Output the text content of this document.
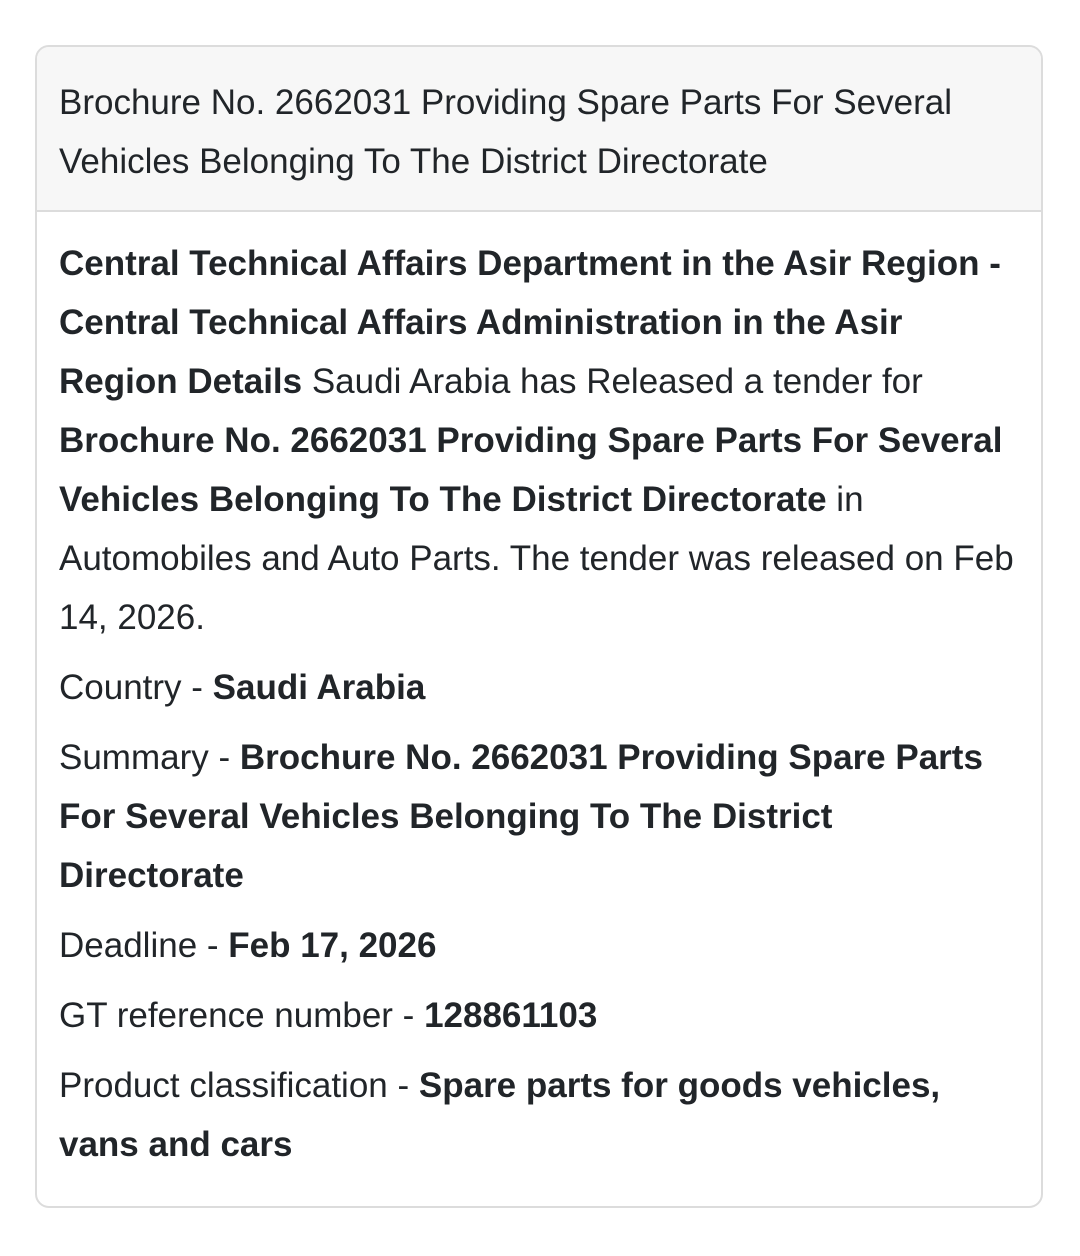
Brochure No. 2662031 Providing Spare Parts For Several Vehicles Belonging To The District Directorate

Central Technical Affairs Department in the Asir Region - Central Technical Affairs Administration in the Asir Region Details Saudi Arabia has Released a tender for Brochure No. 2662031 Providing Spare Parts For Several Vehicles Belonging To The District Directorate in Automobiles and Auto Parts. The tender was released on Feb 14, 2026.

Country - Saudi Arabia
Summary - Brochure No. 2662031 Providing Spare Parts For Several Vehicles Belonging To The District Directorate
Deadline - Feb 17, 2026
GT reference number - 128861103
Product classification - Spare parts for goods vehicles, vans and cars
